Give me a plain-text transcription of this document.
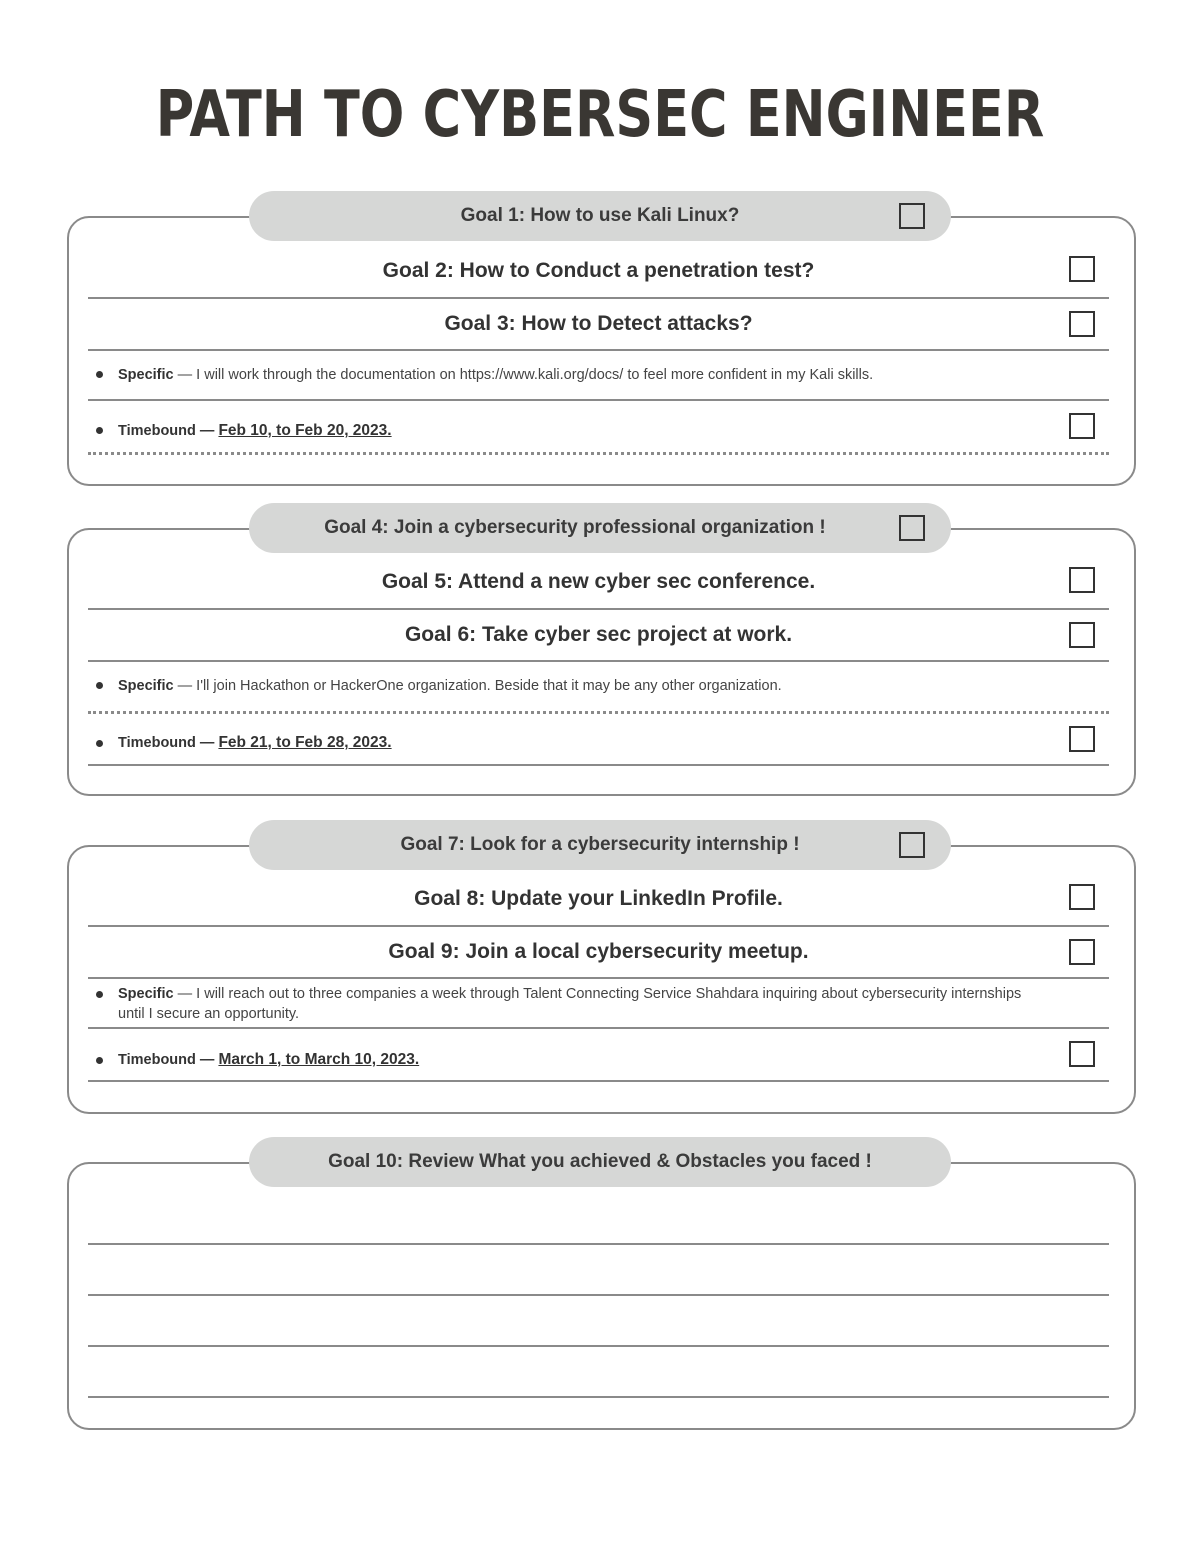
PATH TO CYBERSEC ENGINEER
Goal 1: How to use Kali Linux?
Goal 2: How to Conduct a penetration test?
Goal 3: How to Detect attacks?
Specific — I will work through the documentation on https://www.kali.org/docs/ to feel more confident in my Kali skills.
Timebound — Feb 10, to Feb 20, 2023.
Goal 4: Join a cybersecurity professional organization !
Goal 5: Attend a new cyber sec conference.
Goal 6: Take cyber sec project at work.
Specific — I'll join Hackathon or HackerOne organization. Beside that it may be any other organization.
Timebound — Feb 21, to Feb 28, 2023.
Goal 7: Look for a cybersecurity internship !
Goal 8: Update your LinkedIn Profile.
Goal 9: Join a local cybersecurity meetup.
Specific — I will reach out to three companies a week through Talent Connecting Service Shahdara inquiring about cybersecurity internships until I secure an opportunity.
Timebound — March 1, to March 10, 2023.
Goal 10: Review What you achieved & Obstacles you faced !
